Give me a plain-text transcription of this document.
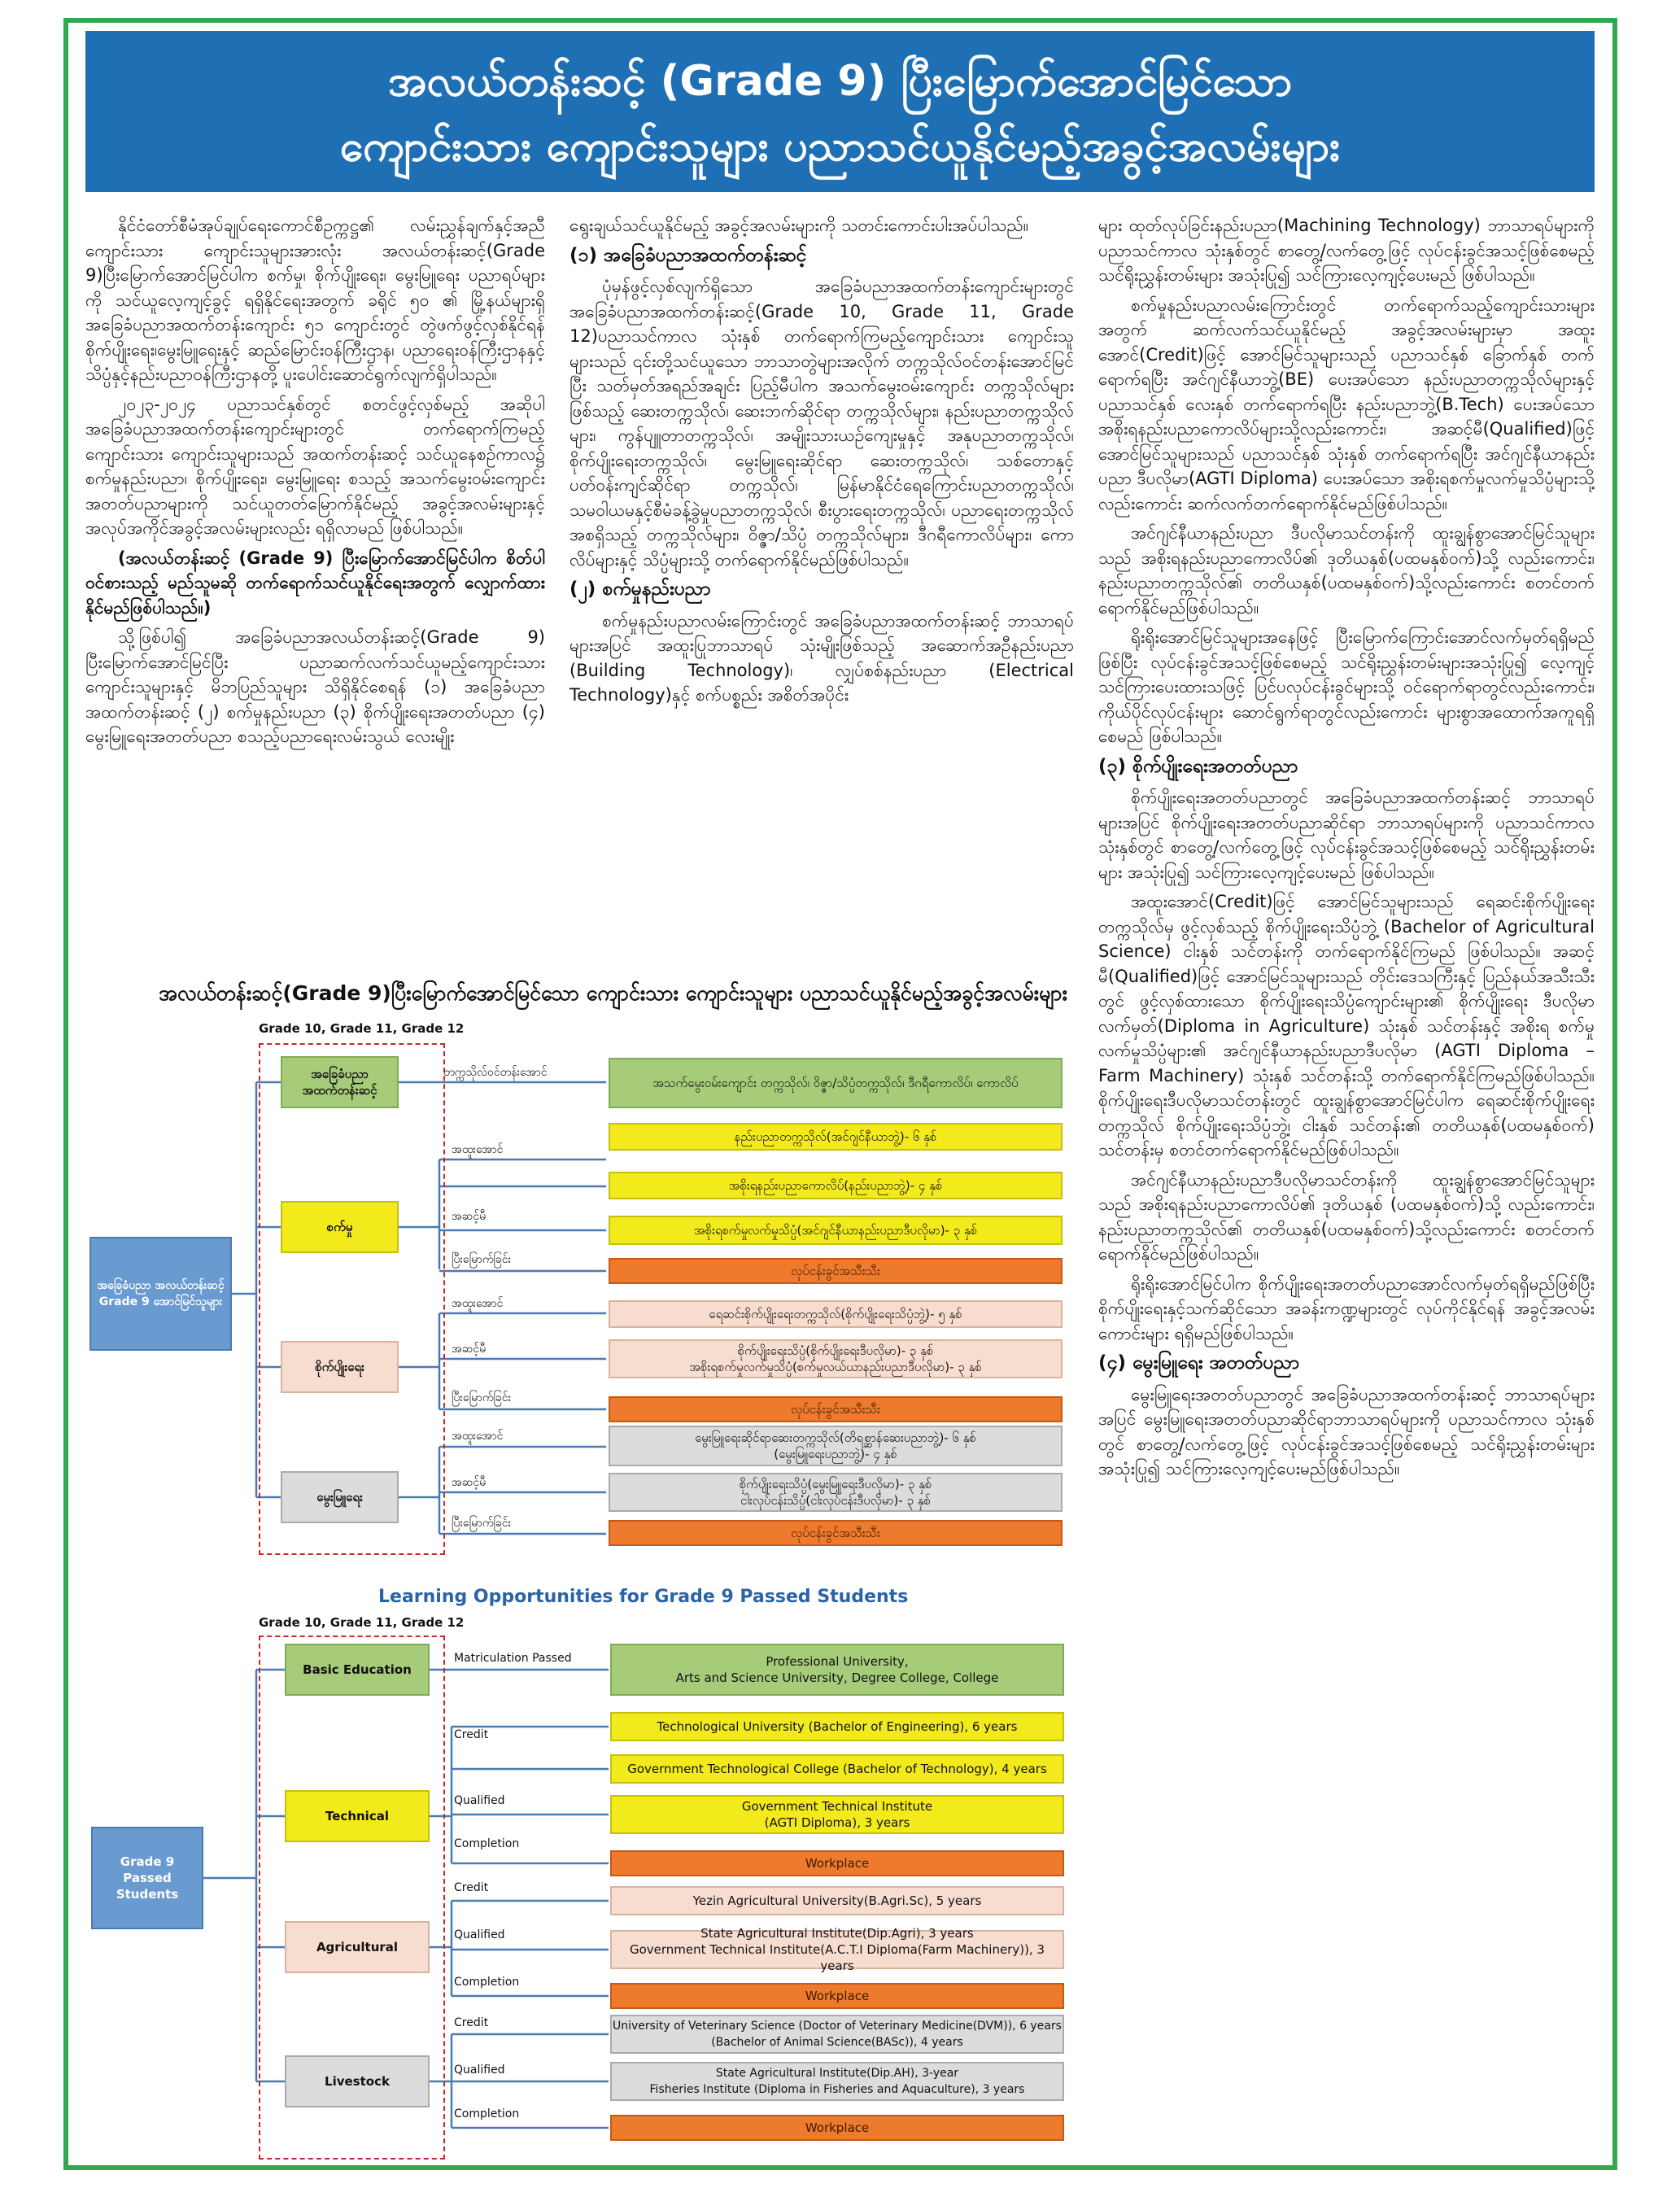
အလယ်တန်းဆင့် (Grade 9) ပြီးမြောက်အောင်မြင်သော
ကျောင်းသား ကျောင်းသူများ ပညာသင်ယူနိုင်မည့်အခွင့်အလမ်းများ

နိုင်ငံတော်စီမံအုပ်ချုပ်ရေးကောင်စီဥက္ကဋ္ဌ၏ လမ်းညွှန်ချက်နှင့်အညီ ကျောင်းသား ကျောင်းသူများအားလုံး အလယ်တန်းဆင့်(Grade 9)ပြီးမြောက်အောင်မြင်ပါက စက်မှု၊ စိုက်ပျိုးရေး၊ မွေးမြူရေး ပညာရပ်များကို သင်ယူလေ့ကျင့်ခွင့် ရရှိနိုင်ရေးအတွက် ခရိုင် ၅၀ ၏ မြို့နယ်များရှိ အခြေခံပညာအထက်တန်းကျောင်း ၅၁ ကျောင်းတွင် တွဲဖက်ဖွင့်လှစ်နိုင်ရန် စိုက်ပျိုးရေး၊မွေးမြူရေးနှင့် ဆည်မြောင်းဝန်ကြီးဌာန၊ ပညာရေးဝန်ကြီးဌာနနှင့် သိပ္ပံနှင့်နည်းပညာဝန်ကြီးဌာနတို့ ပူးပေါင်းဆောင်ရွက်လျက်ရှိပါသည်။

၂၀၂၃-၂၀၂၄ ပညာသင်နှစ်တွင် စတင်ဖွင့်လှစ်မည့် အဆိုပါ အခြေခံပညာအထက်တန်းကျောင်းများတွင် တက်ရောက်ကြမည့် ကျောင်းသား ကျောင်းသူများသည် အထက်တန်းဆင့် သင်ယူနေစဉ်ကာလ၌ စက်မှုနည်းပညာ၊ စိုက်ပျိုးရေး၊ မွေးမြူရေး စသည့် အသက်မွေးဝမ်းကျောင်းအတတ်ပညာများကို သင်ယူတတ်မြောက်နိုင်မည့် အခွင့်အလမ်းများနှင့် အလုပ်အကိုင်အခွင့်အလမ်းများလည်း ရရှိလာမည် ဖြစ်ပါသည်။

(အလယ်တန်းဆင့် (Grade 9) ပြီးမြောက်အောင်မြင်ပါက စိတ်ပါဝင်စားသည့် မည်သူမဆို တက်ရောက်သင်ယူနိုင်ရေးအတွက် လျှောက်ထားနိုင်မည်ဖြစ်ပါသည်။)

သို့ဖြစ်ပါ၍ အခြေခံပညာအလယ်တန်းဆင့်(Grade 9) ပြီးမြောက်အောင်မြင်ပြီး ပညာဆက်လက်သင်ယူမည့်ကျောင်းသား ကျောင်းသူများနှင့် မိဘပြည်သူများ သိရှိနိုင်စေရန် (၁) အခြေခံပညာ အထက်တန်းဆင့် (၂) စက်မှုနည်းပညာ (၃) စိုက်ပျိုးရေးအတတ်ပညာ (၄) မွေးမြူရေးအတတ်ပညာ စသည့်ပညာရေးလမ်းသွယ် လေးမျိုး

ရွေးချယ်သင်ယူနိုင်မည့် အခွင့်အလမ်းများကို သတင်းကောင်းပါးအပ်ပါသည်။

(၁) အခြေခံပညာအထက်တန်းဆင့်

ပုံမှန်ဖွင့်လှစ်လျက်ရှိသော အခြေခံပညာအထက်တန်းကျောင်းများတွင် အခြေခံပညာအထက်တန်းဆင့်(Grade 10, Grade 11, Grade 12)ပညာသင်ကာလ သုံးနှစ် တက်ရောက်ကြမည့်ကျောင်းသား ကျောင်းသူများသည် ၎င်းတို့သင်ယူသော ဘာသာတွဲများအလိုက် တက္ကသိုလ်ဝင်တန်းအောင်မြင်ပြီး သတ်မှတ်အရည်အချင်း ပြည့်မီပါက အသက်မွေးဝမ်းကျောင်း တက္ကသိုလ်များဖြစ်သည့် ဆေးတက္ကသိုလ်၊ ဆေးဘက်ဆိုင်ရာ တက္ကသိုလ်များ၊ နည်းပညာတက္ကသိုလ်များ၊ ကွန်ပျူတာတက္ကသိုလ်၊ အမျိုးသားယဉ်ကျေးမှုနှင့် အနုပညာတက္ကသိုလ်၊ စိုက်ပျိုးရေးတက္ကသိုလ်၊ မွေးမြူရေးဆိုင်ရာ ဆေးတက္ကသိုလ်၊ သစ်တောနှင့် ပတ်ဝန်းကျင်ဆိုင်ရာ တက္ကသိုလ်၊ မြန်မာနိုင်ငံရေကြောင်းပညာတက္ကသိုလ်၊ သမဝါယမနှင့်စီမံခန့်ခွဲမှုပညာတက္ကသိုလ်၊ စီးပွားရေးတက္ကသိုလ်၊ ပညာရေးတက္ကသိုလ် အစရှိသည့် တက္ကသိုလ်များ၊ ဝိဇ္ဇာ/သိပ္ပံ တက္ကသိုလ်များ၊ ဒီဂရီကောလိပ်များ၊ ကောလိပ်များနှင့် သိပ္ပံများသို့ တက်ရောက်နိုင်မည်ဖြစ်ပါသည်။

(၂) စက်မှုနည်းပညာ

စက်မှုနည်းပညာလမ်းကြောင်းတွင် အခြေခံပညာအထက်တန်းဆင့် ဘာသာရပ်များအပြင် အထူးပြုဘာသာရပ် သုံးမျိုးဖြစ်သည့် အဆောက်အဦနည်းပညာ (Building Technology)၊ လျှပ်စစ်နည်းပညာ (Electrical Technology)နှင့် စက်ပစ္စည်း အစိတ်အပိုင်း

များ ထုတ်လုပ်ခြင်းနည်းပညာ(Machining Technology) ဘာသာရပ်များကို ပညာသင်ကာလ သုံးနှစ်တွင် စာတွေ့/လက်တွေ့ဖြင့် လုပ်ငန်းခွင်အသင့်ဖြစ်စေမည့် သင်ရိုးညွှန်းတမ်းများ အသုံးပြု၍ သင်ကြားလေ့ကျင့်ပေးမည် ဖြစ်ပါသည်။

စက်မှုနည်းပညာလမ်းကြောင်းတွင် တက်ရောက်သည့်ကျောင်းသားများအတွက် ဆက်လက်သင်ယူနိုင်မည့် အခွင့်အလမ်းများမှာ အထူးအောင်(Credit)ဖြင့် အောင်မြင်သူများသည် ပညာသင်နှစ် ခြောက်နှစ် တက်ရောက်ရပြီး အင်ဂျင်နီယာဘွဲ့(BE) ပေးအပ်သော နည်းပညာတက္ကသိုလ်များနှင့် ပညာသင်နှစ် လေးနှစ် တက်ရောက်ရပြီး နည်းပညာဘွဲ့(B.Tech) ပေးအပ်သော အစိုးရနည်းပညာကောလိပ်များသို့လည်းကောင်း၊ အဆင့်မီ(Qualified)ဖြင့် အောင်မြင်သူများသည် ပညာသင်နှစ် သုံးနှစ် တက်ရောက်ရပြီး အင်ဂျင်နီယာနည်းပညာ ဒီပလိုမာ(AGTI Diploma) ပေးအပ်သော အစိုးရစက်မှုလက်မှုသိပ္ပံများသို့လည်းကောင်း ဆက်လက်တက်ရောက်နိုင်မည်ဖြစ်ပါသည်။

အင်ဂျင်နီယာနည်းပညာ ဒီပလိုမာသင်တန်းကို ထူးချွန်စွာအောင်မြင်သူများသည် အစိုးရနည်းပညာကောလိပ်၏ ဒုတိယနှစ်(ပထမနှစ်ဝက်)သို့ လည်းကောင်း၊ နည်းပညာတက္ကသိုလ်၏ တတိယနှစ်(ပထမနှစ်ဝက်)သို့လည်းကောင်း စတင်တက်ရောက်နိုင်မည်ဖြစ်ပါသည်။

ရိုးရိုးအောင်မြင်သူများအနေဖြင့် ပြီးမြောက်ကြောင်းအောင်လက်မှတ်ရရှိမည်ဖြစ်ပြီး လုပ်ငန်းခွင်အသင့်ဖြစ်စေမည့် သင်ရိုးညွှန်းတမ်းများအသုံးပြု၍ လေ့ကျင့်သင်ကြားပေးထားသဖြင့် ပြင်ပလုပ်ငန်းခွင်များသို့ ဝင်ရောက်ရာတွင်လည်းကောင်း၊ ကိုယ်ပိုင်လုပ်ငန်းများ ဆောင်ရွက်ရာတွင်လည်းကောင်း များစွာအထောက်အကူရရှိစေမည် ဖြစ်ပါသည်။

(၃) စိုက်ပျိုးရေးအတတ်ပညာ

စိုက်ပျိုးရေးအတတ်ပညာတွင် အခြေခံပညာအထက်တန်းဆင့် ဘာသာရပ်များအပြင် စိုက်ပျိုးရေးအတတ်ပညာဆိုင်ရာ ဘာသာရပ်များကို ပညာသင်ကာလ သုံးနှစ်တွင် စာတွေ့/လက်တွေ့ဖြင့် လုပ်ငန်းခွင်အသင့်ဖြစ်စေမည့် သင်ရိုးညွှန်းတမ်းများ အသုံးပြု၍ သင်ကြားလေ့ကျင့်ပေးမည် ဖြစ်ပါသည်။

အထူးအောင်(Credit)ဖြင့် အောင်မြင်သူများသည် ရေဆင်းစိုက်ပျိုးရေးတက္ကသိုလ်မှ ဖွင့်လှစ်သည့် စိုက်ပျိုးရေးသိပ္ပံဘွဲ့ (Bachelor of Agricultural Science) ငါးနှစ် သင်တန်းကို တက်ရောက်နိုင်ကြမည် ဖြစ်ပါသည်။ အဆင့်မီ(Qualified)ဖြင့် အောင်မြင်သူများသည် တိုင်းဒေသကြီးနှင့် ပြည်နယ်အသီးသီးတွင် ဖွင့်လှစ်ထားသော စိုက်ပျိုးရေးသိပ္ပံကျောင်းများ၏ စိုက်ပျိုးရေး ဒီပလိုမာလက်မှတ်(Diploma in Agriculture) သုံးနှစ် သင်တန်းနှင့် အစိုးရ စက်မှုလက်မှုသိပ္ပံများ၏ အင်ဂျင်နီယာနည်းပညာဒီပလိုမာ (AGTI Diploma – Farm Machinery) သုံးနှစ် သင်တန်းသို့ တက်ရောက်နိုင်ကြမည်ဖြစ်ပါသည်။ စိုက်ပျိုးရေးဒီပလိုမာသင်တန်းတွင် ထူးချွန်စွာအောင်မြင်ပါက ရေဆင်းစိုက်ပျိုးရေးတက္ကသိုလ် စိုက်ပျိုးရေးသိပ္ပံဘွဲ့၊ ငါးနှစ် သင်တန်း၏ တတိယနှစ်(ပထမနှစ်ဝက်) သင်တန်းမှ စတင်တက်ရောက်နိုင်မည်ဖြစ်ပါသည်။

အင်ဂျင်နီယာနည်းပညာဒီပလိုမာသင်တန်းကို ထူးချွန်စွာအောင်မြင်သူများသည် အစိုးရနည်းပညာကောလိပ်၏ ဒုတိယနှစ် (ပထမနှစ်ဝက်)သို့ လည်းကောင်း၊ နည်းပညာတက္ကသိုလ်၏ တတိယနှစ်(ပထမနှစ်ဝက်)သို့လည်းကောင်း စတင်တက်ရောက်နိုင်မည်ဖြစ်ပါသည်။

ရိုးရိုးအောင်မြင်ပါက စိုက်ပျိုးရေးအတတ်ပညာအောင်လက်မှတ်ရရှိမည်ဖြစ်ပြီး စိုက်ပျိုးရေးနှင့်သက်ဆိုင်သော အခန်းကဏ္ဍများတွင် လုပ်ကိုင်နိုင်ရန် အခွင့်အလမ်းကောင်းများ ရရှိမည်ဖြစ်ပါသည်။

(၄) မွေးမြူရေး အတတ်ပညာ

မွေးမြူရေးအတတ်ပညာတွင် အခြေခံပညာအထက်တန်းဆင့် ဘာသာရပ်များအပြင် မွေးမြူရေးအတတ်ပညာဆိုင်ရာဘာသာရပ်များကို ပညာသင်ကာလ သုံးနှစ်တွင် စာတွေ့/လက်တွေ့ဖြင့် လုပ်ငန်းခွင်အသင့်ဖြစ်စေမည့် သင်ရိုးညွှန်းတမ်းများ အသုံးပြု၍ သင်ကြားလေ့ကျင့်ပေးမည်ဖြစ်ပါသည်။

အလယ်တန်းဆင့်(Grade 9)ပြီးမြောက်အောင်မြင်သော ကျောင်းသား ကျောင်းသူများ ပညာသင်ယူနိုင်မည့်အခွင့်အလမ်းများ
Grade 10, Grade 11, Grade 12
အခြေခံပညာ အလယ်တန်းဆင့် Grade 9 အောင်မြင်သူများ
အခြေခံပညာ အထက်တန်းဆင့်
စက်မှု
စိုက်ပျိုးရေး
မွေးမြူရေး
တက္ကသိုလ်ဝင်တန်းအောင်
အထူးအောင်
အဆင့်မီ
ပြီးမြောက်ခြင်း
အထူးအောင်
အဆင့်မီ
ပြီးမြောက်ခြင်း
အထူးအောင်
အဆင့်မီ
ပြီးမြောက်ခြင်း
အသက်မွေးဝမ်းကျောင်း တက္ကသိုလ်၊ ဝိဇ္ဇာ/သိပ္ပံတက္ကသိုလ်၊ ဒီဂရီကောလိပ်၊ ကောလိပ်
နည်းပညာတက္ကသိုလ်(အင်ဂျင်နီယာဘွဲ့)- ၆ နှစ်
အစိုးရနည်းပညာကောလိပ်(နည်းပညာဘွဲ့)- ၄ နှစ်
အစိုးရစက်မှုလက်မှုသိပ္ပံ(အင်ဂျင်နီယာနည်းပညာဒီပလိုမာ)- ၃ နှစ်
လုပ်ငန်းခွင်အသီးသီး
ရေဆင်းစိုက်ပျိုးရေးတက္ကသိုလ်(စိုက်ပျိုးရေးသိပ္ပံဘွဲ့)- ၅ နှစ်
စိုက်ပျိုးရေးသိပ္ပံ(စိုက်ပျိုးရေးဒီပလိုမာ)- ၃ နှစ်
အစိုးရစက်မှုလက်မှုသိပ္ပံ(စက်မှုလယ်ယာနည်းပညာဒီပလိုမာ)- ၃ နှစ်
လုပ်ငန်းခွင်အသီးသီး
မွေးမြူရေးဆိုင်ရာဆေးတက္ကသိုလ်(တိရစ္ဆာန်ဆေးပညာဘွဲ့)- ၆ နှစ်
(မွေးမြူရေးပညာဘွဲ့)- ၄ နှစ်
စိုက်ပျိုးရေးသိပ္ပံ(မွေးမြူရေးဒီပလိုမာ)- ၃ နှစ်
ငါးလုပ်ငန်းသိပ္ပံ(ငါးလုပ်ငန်းဒီပလိုမာ)- ၃ နှစ်
လုပ်ငန်းခွင်အသီးသီး
Learning Opportunities for Grade 9 Passed Students
Grade 10, Grade 11, Grade 12
Grade 9 Passed Students
Basic Education
Technical
Agricultural
Livestock
Matriculation Passed
Credit
Qualified
Completion
Credit
Qualified
Completion
Credit
Qualified
Completion
Professional University,
Arts and Science University, Degree College, College
Technological University (Bachelor of Engineering), 6 years
Government Technological College (Bachelor of Technology), 4 years
Government Technical Institute
(AGTI Diploma), 3 years
Workplace
Yezin Agricultural University(B.Agri.Sc), 5 years
State Agricultural Institute(Dip.Agri), 3 years
Government Technical Institute(A.C.T.I Diploma(Farm Machinery)), 3 years
Workplace
University of Veterinary Science (Doctor of Veterinary Medicine(DVM)), 6 years
(Bachelor of Animal Science(BASc)), 4 years
State Agricultural Institute(Dip.AH), 3-year
Fisheries Institute (Diploma in Fisheries and Aquaculture), 3 years
Workplace
